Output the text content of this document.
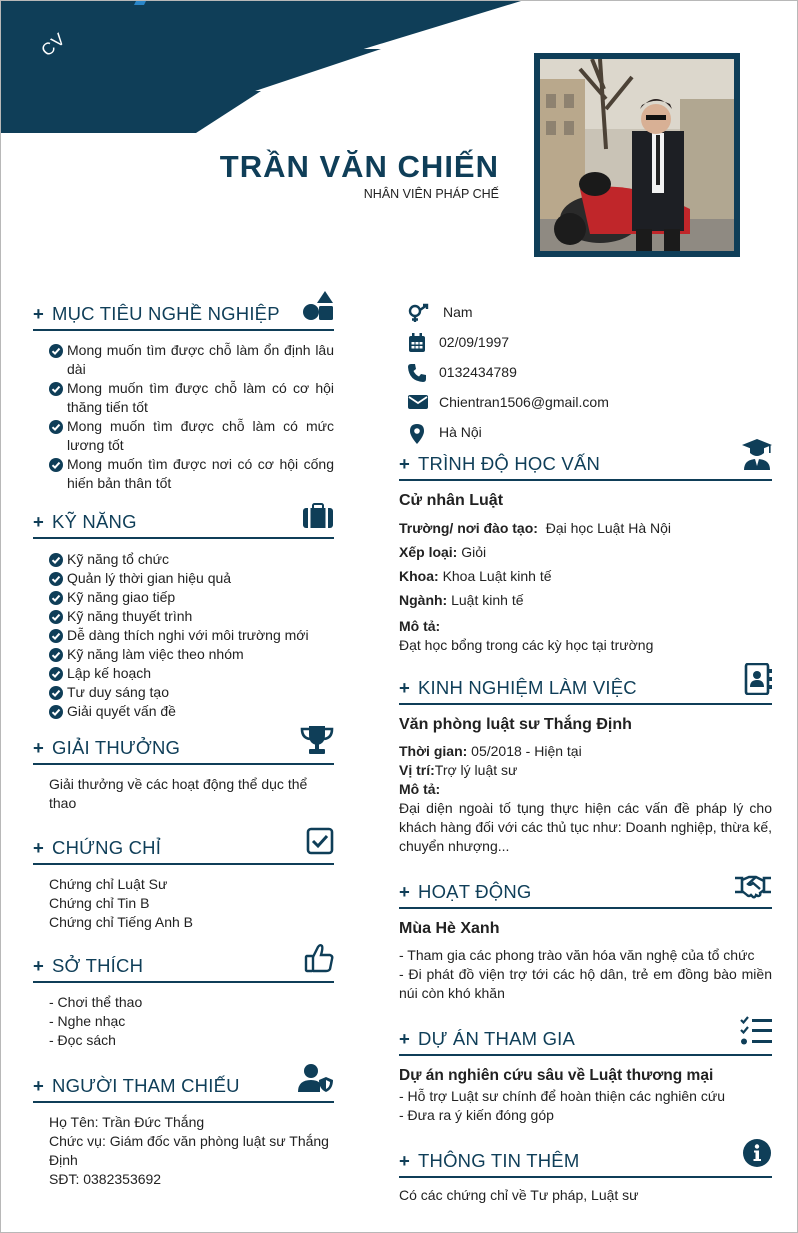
CV
TRẦN VĂN CHIẾN
NHÂN VIÊN PHÁP CHẾ
Nam
02/09/1997
0132434789
Chientran1506@gmail.com
Hà Nội
+ MỤC TIÊU NGHỀ NGHIỆP
Mong muốn tìm được chỗ làm ổn định lâu dài
Mong muốn tìm được chỗ làm có cơ hội thăng tiến tốt
Mong muốn tìm được chỗ làm có mức lương tốt
Mong muốn tìm được nơi có cơ hội cống hiến bản thân tốt
+ KỸ NĂNG
Kỹ năng tổ chức
Quản lý thời gian hiệu quả
Kỹ năng giao tiếp
Kỹ năng thuyết trình
Dễ dàng thích nghi với môi trường mới
Kỹ năng làm việc theo nhóm
Lập kế hoạch
Tư duy sáng tạo
Giải quyết vấn đề
+ GIẢI THƯỞNG
Giải thưởng về các hoạt động thể dục thể thao
+ CHỨNG CHỈ
Chứng chỉ Luật Sư
Chứng chỉ Tin B
Chứng chỉ Tiếng Anh B
+ SỞ THÍCH
- Chơi thể thao
- Nghe nhạc
- Đọc sách
+ NGƯỜI THAM CHIẾU
Họ Tên: Trần Đức Thắng
Chức vụ: Giám đốc văn phòng luật sư Thắng Định
SĐT: 0382353692
+ TRÌNH ĐỘ HỌC VẤN
Cử nhân Luật
Trường/ nơi đào tạo: Đại học Luật Hà Nội
Xếp loại: Giỏi
Khoa: Khoa Luật kinh tế
Ngành: Luật kinh tế
Mô tả:
Đạt học bổng trong các kỳ học tại trường
+ KINH NGHIỆM LÀM VIỆC
Văn phòng luật sư Thắng Định
Thời gian: 05/2018 - Hiện tại
Vị trí:Trợ lý luật sư
Mô tả:
Đại diện ngoài tố tụng thực hiện các vấn đề pháp lý cho khách hàng đối với các thủ tục như: Doanh nghiệp, thừa kế, chuyển nhượng...
+ HOẠT ĐỘNG
Mùa Hè Xanh
- Tham gia các phong trào văn hóa văn nghệ của tổ chức
- Đi phát đồ viện trợ tới các hộ dân, trẻ em đồng bào miền núi còn khó khăn
+ DỰ ÁN THAM GIA
Dự án nghiên cứu sâu về Luật thương mại
- Hỗ trợ Luật sư chính để hoàn thiện các nghiên cứu
- Đưa ra ý kiến đóng góp
+ THÔNG TIN THÊM
Có các chứng chỉ về Tư pháp, Luật sư
